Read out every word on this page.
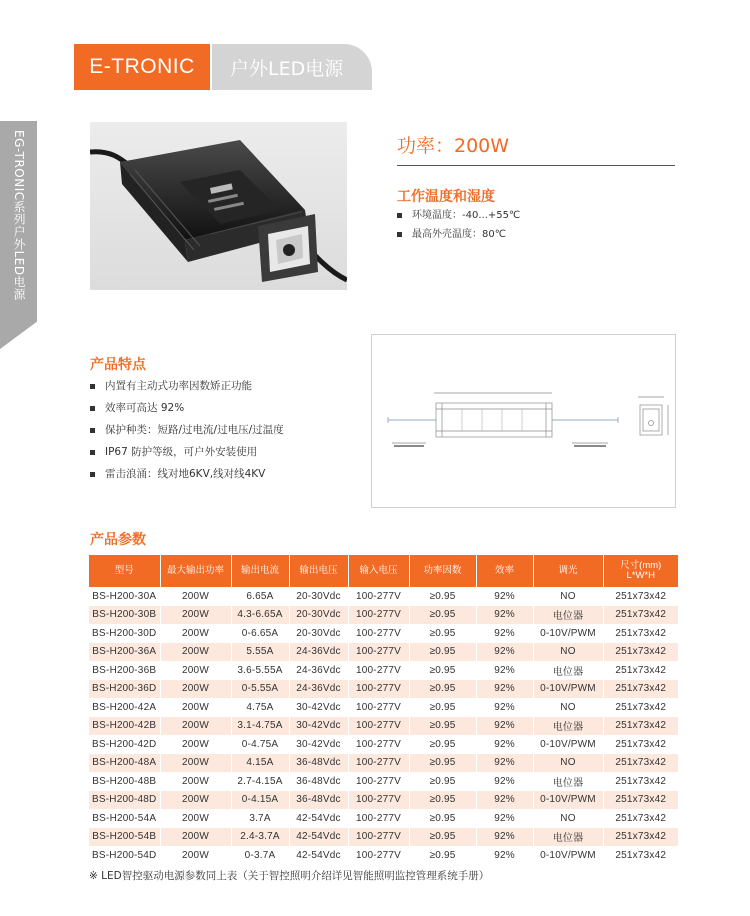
E-TRONIC	户外LED电源
EG-TRONIC系列户外LED电源	功率：200W
工作温度和湿度
环境温度：-40...+55℃
最高外壳温度：80℃
产品特点
内置有主动式功率因数矫正功能
效率可高达 92%
保护种类：短路/过电流/过电压/过温度
IP67 防护等级，可户外安装使用
雷击浪涌：线对地6KV,线对线4KV
产品参数
型号	最大输出功率	输出电流	输出电压	输入电压	功率因数	效率	调光	尺寸(mm)
L*W*H
BS-H200-30A	200W	6.65A	20-30Vdc	100-277V	≥0.95	92%	NO	251x73x42
BS-H200-30B	200W	4.3-6.65A	20-30Vdc	100-277V	≥0.95	92%	电位器	251x73x42
BS-H200-30D	200W	0-6.65A	20-30Vdc	100-277V	≥0.95	92%	0-10V/PWM	251x73x42
BS-H200-36A	200W	5.55A	24-36Vdc	100-277V	≥0.95	92%	NO	251x73x42
BS-H200-36B	200W	3.6-5.55A	24-36Vdc	100-277V	≥0.95	92%	电位器	251x73x42
BS-H200-36D	200W	0-5.55A	24-36Vdc	100-277V	≥0.95	92%	0-10V/PWM	251x73x42
BS-H200-42A	200W	4.75A	30-42Vdc	100-277V	≥0.95	92%	NO	251x73x42
BS-H200-42B	200W	3.1-4.75A	30-42Vdc	100-277V	≥0.95	92%	电位器	251x73x42
BS-H200-42D	200W	0-4.75A	30-42Vdc	100-277V	≥0.95	92%	0-10V/PWM	251x73x42
BS-H200-48A	200W	4.15A	36-48Vdc	100-277V	≥0.95	92%	NO	251x73x42
BS-H200-48B	200W	2.7-4.15A	36-48Vdc	100-277V	≥0.95	92%	电位器	251x73x42
BS-H200-48D	200W	0-4.15A	36-48Vdc	100-277V	≥0.95	92%	0-10V/PWM	251x73x42
BS-H200-54A	200W	3.7A	42-54Vdc	100-277V	≥0.95	92%	NO	251x73x42
BS-H200-54B	200W	2.4-3.7A	42-54Vdc	100-277V	≥0.95	92%	电位器	251x73x42
BS-H200-54D	200W	0-3.7A	42-54Vdc	100-277V	≥0.95	92%	0-10V/PWM	251x73x42
※ LED智控驱动电源参数同上表（关于智控照明介绍详见智能照明监控管理系统手册）
